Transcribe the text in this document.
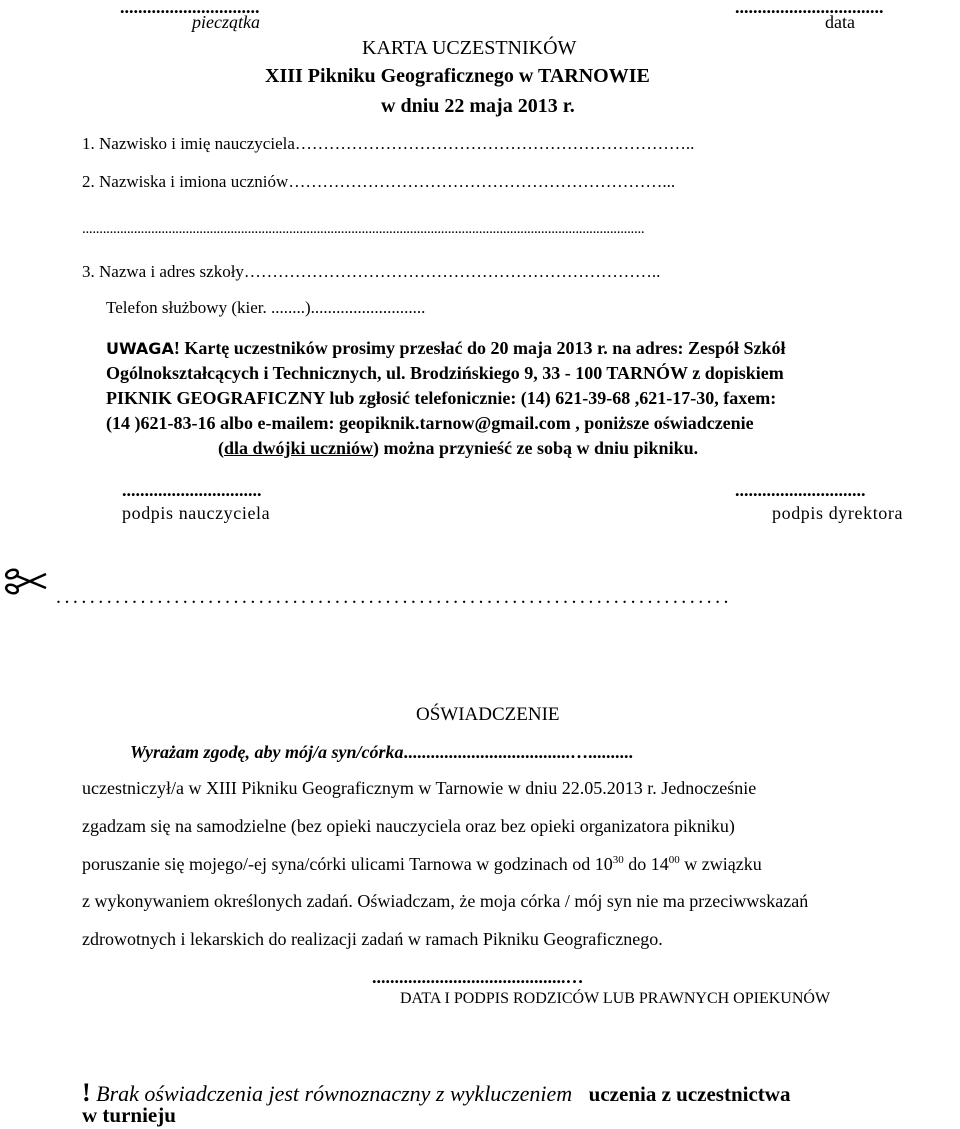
...............................
pieczątka
.................................
data
KARTA UCZESTNIKÓW
XIII Pikniku Geograficznego w TARNOWIE
w dniu 22 maja 2013 r.
1. Nazwisko i imię nauczyciela……………………………………………………………..
2. Nazwiska i imiona uczniów…………………………………………………………...
...................................................................................................................................................................
3. Nazwa i adres szkoły………………………………………………………………..
Telefon służbowy (kier. ........)...........................
UWAGA! Kartę uczestników prosimy przesłać do 20 maja 2013 r. na adres: Zespół Szkół
Ogólnokształcących i Technicznych, ul. Brodzińskiego 9, 33 - 100 TARNÓW z dopiskiem
PIKNIK GEOGRAFICZNY lub zgłosić telefonicznie: (14) 621-39-68 ,621-17-30, faxem:
(14 )621-83-16 albo e-mailem: geopiknik.tarnow@gmail.com , poniższe oświadczenie
(dla dwójki uczniów) można przynieść ze sobą w dniu pikniku.
...............................
podpis nauczyciela
.............................
podpis dyrektora
................................................................................
OŚWIADCZENIE
Wyrażam zgodę, aby mój/a syn/córka.....................................…..........
uczestniczył/a w XIII Pikniku Geograficznym w Tarnowie w dniu 22.05.2013 r. Jednocześnie
zgadzam się na samodzielne (bez opieki nauczyciela oraz bez opieki organizatora pikniku)
poruszanie się mojego/-ej syna/córki ulicami Tarnowa w godzinach od $10^{30}$ do $14^{00}$ w związku
z wykonywaniem określonych zadań. Oświadczam, że moja córka / mój syn nie ma przeciwwskazań
zdrowotnych i lekarskich do realizacji zadań w ramach Pikniku Geograficznego.
...........................................…
DATA I PODPIS RODZICÓW LUB PRAWNYCH OPIEKUNÓW
! Brak oświadczenia jest równoznaczny z wykluczeniem uczenia z uczestnictwa
w turnieju
